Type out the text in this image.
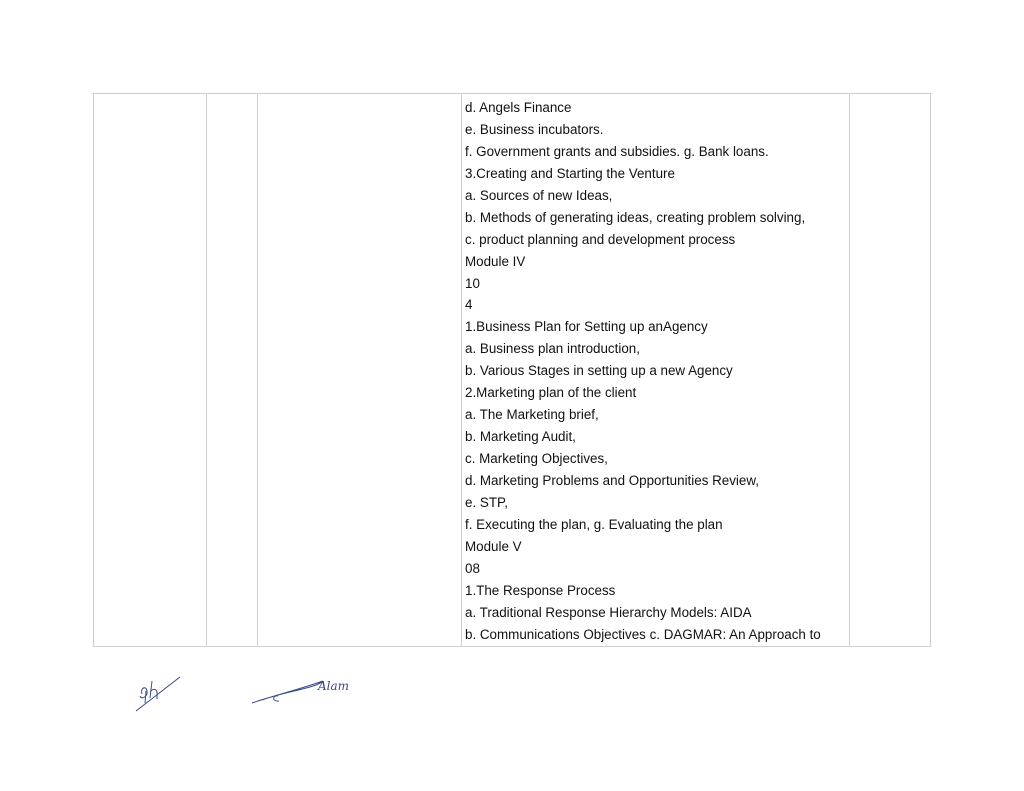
d. Angels Finance
e. Business incubators.
f. Government grants and subsidies. g. Bank loans.
3.Creating and Starting the Venture
a. Sources of new Ideas,
b. Methods of generating ideas, creating problem solving,
c. product planning and development process
Module IV
10
4
1.Business Plan for Setting up anAgency
a. Business plan introduction,
b. Various Stages in setting up a new Agency
2.Marketing plan of the client
a. The Marketing brief,
b. Marketing Audit,
c. Marketing Objectives,
d. Marketing Problems and Opportunities Review,
e. STP,
f. Executing the plan, g. Evaluating the plan
Module V
08
1.The Response Process
a. Traditional Response Hierarchy Models: AIDA
b. Communications Objectives c. DAGMAR: An Approach to

Alam
